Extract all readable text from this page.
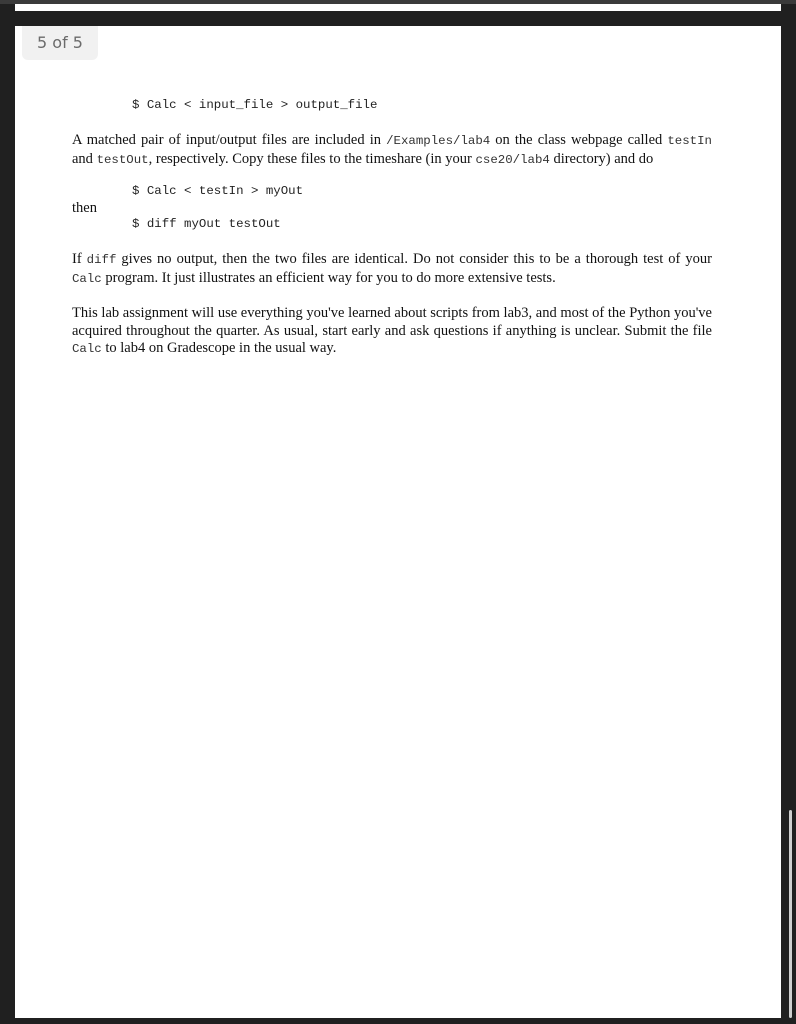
5 of 5
$ Calc < input_file > output_file

A matched pair of input/output files are included in /Examples/lab4 on the class webpage called testIn and testOut, respectively. Copy these files to the timeshare (in your cse20/lab4 directory) and do

$ Calc < testIn > myOut
then
$ diff myOut testOut

If diff gives no output, then the two files are identical. Do not consider this to be a thorough test of your Calc program. It just illustrates an efficient way for you to do more extensive tests.

This lab assignment will use everything you've learned about scripts from lab3, and most of the Python you've acquired throughout the quarter. As usual, start early and ask questions if anything is unclear. Submit the file Calc to lab4 on Gradescope in the usual way.
